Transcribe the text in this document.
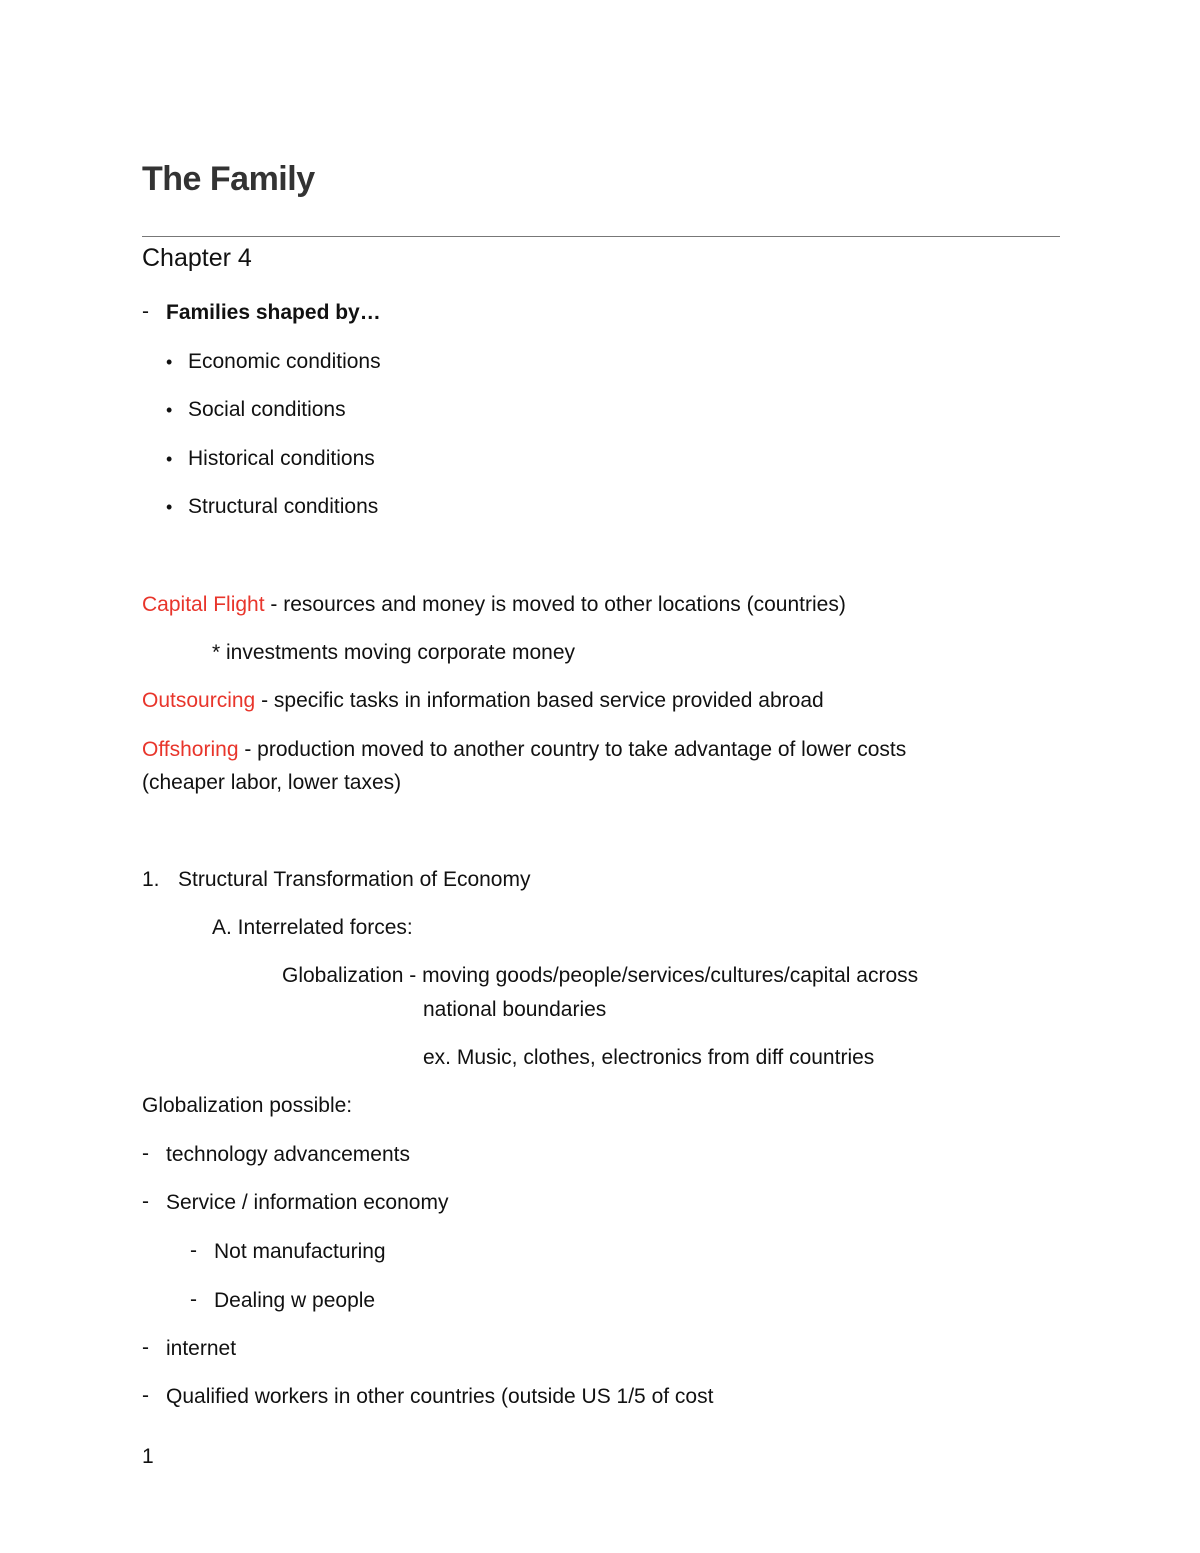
The Family
Chapter 4
- Families shaped by…
• Economic conditions
• Social conditions
• Historical conditions
• Structural conditions
Capital Flight - resources and money is moved to other locations (countries)
* investments moving corporate money
Outsourcing - specific tasks in information based service provided abroad
Offshoring - production moved to another country to take advantage of lower costs
(cheaper labor, lower taxes)
1. Structural Transformation of Economy
A. Interrelated forces:
Globalization - moving goods/people/services/cultures/capital across
national boundaries
ex. Music, clothes, electronics from diff countries
Globalization possible:
- technology advancements
- Service / information economy
- Not manufacturing
- Dealing w people
- internet
- Qualified workers in other countries (outside US 1/5 of cost
1
